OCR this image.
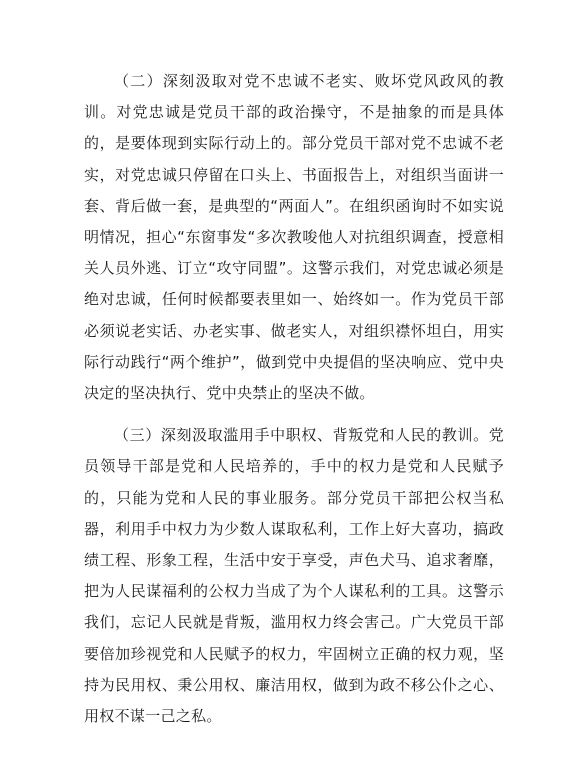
（二）深刻汲取对党不忠诚不老实、败坏党风政风的教训。对党忠诚是党员干部的政治操守，不是抽象的而是具体的，是要体现到实际行动上的。部分党员干部对党不忠诚不老实，对党忠诚只停留在口头上、书面报告上，对组织当面讲一套、背后做一套，是典型的“两面人”。在组织函询时不如实说明情况，担心“东窗事发“多次教唆他人对抗组织调查，授意相关人员外逃、订立“攻守同盟”。这警示我们，对党忠诚必须是绝对忠诚，任何时候都要表里如一、始终如一。作为党员干部必须说老实话、办老实事、做老实人，对组织襟怀坦白，用实际行动践行“两个维护”，做到党中央提倡的坚决响应、党中央决定的坚决执行、党中央禁止的坚决不做。

（三）深刻汲取滥用手中职权、背叛党和人民的教训。党员领导干部是党和人民培养的，手中的权力是党和人民赋予的，只能为党和人民的事业服务。部分党员干部把公权当私器，利用手中权力为少数人谋取私利，工作上好大喜功，搞政绩工程、形象工程，生活中安于享受，声色犬马、追求奢靡，把为人民谋福利的公权力当成了为个人谋私利的工具。这警示我们，忘记人民就是背叛，滥用权力终会害己。广大党员干部要倍加珍视党和人民赋予的权力，牢固树立正确的权力观，坚持为民用权、秉公用权、廉洁用权，做到为政不移公仆之心、用权不谋一己之私。
